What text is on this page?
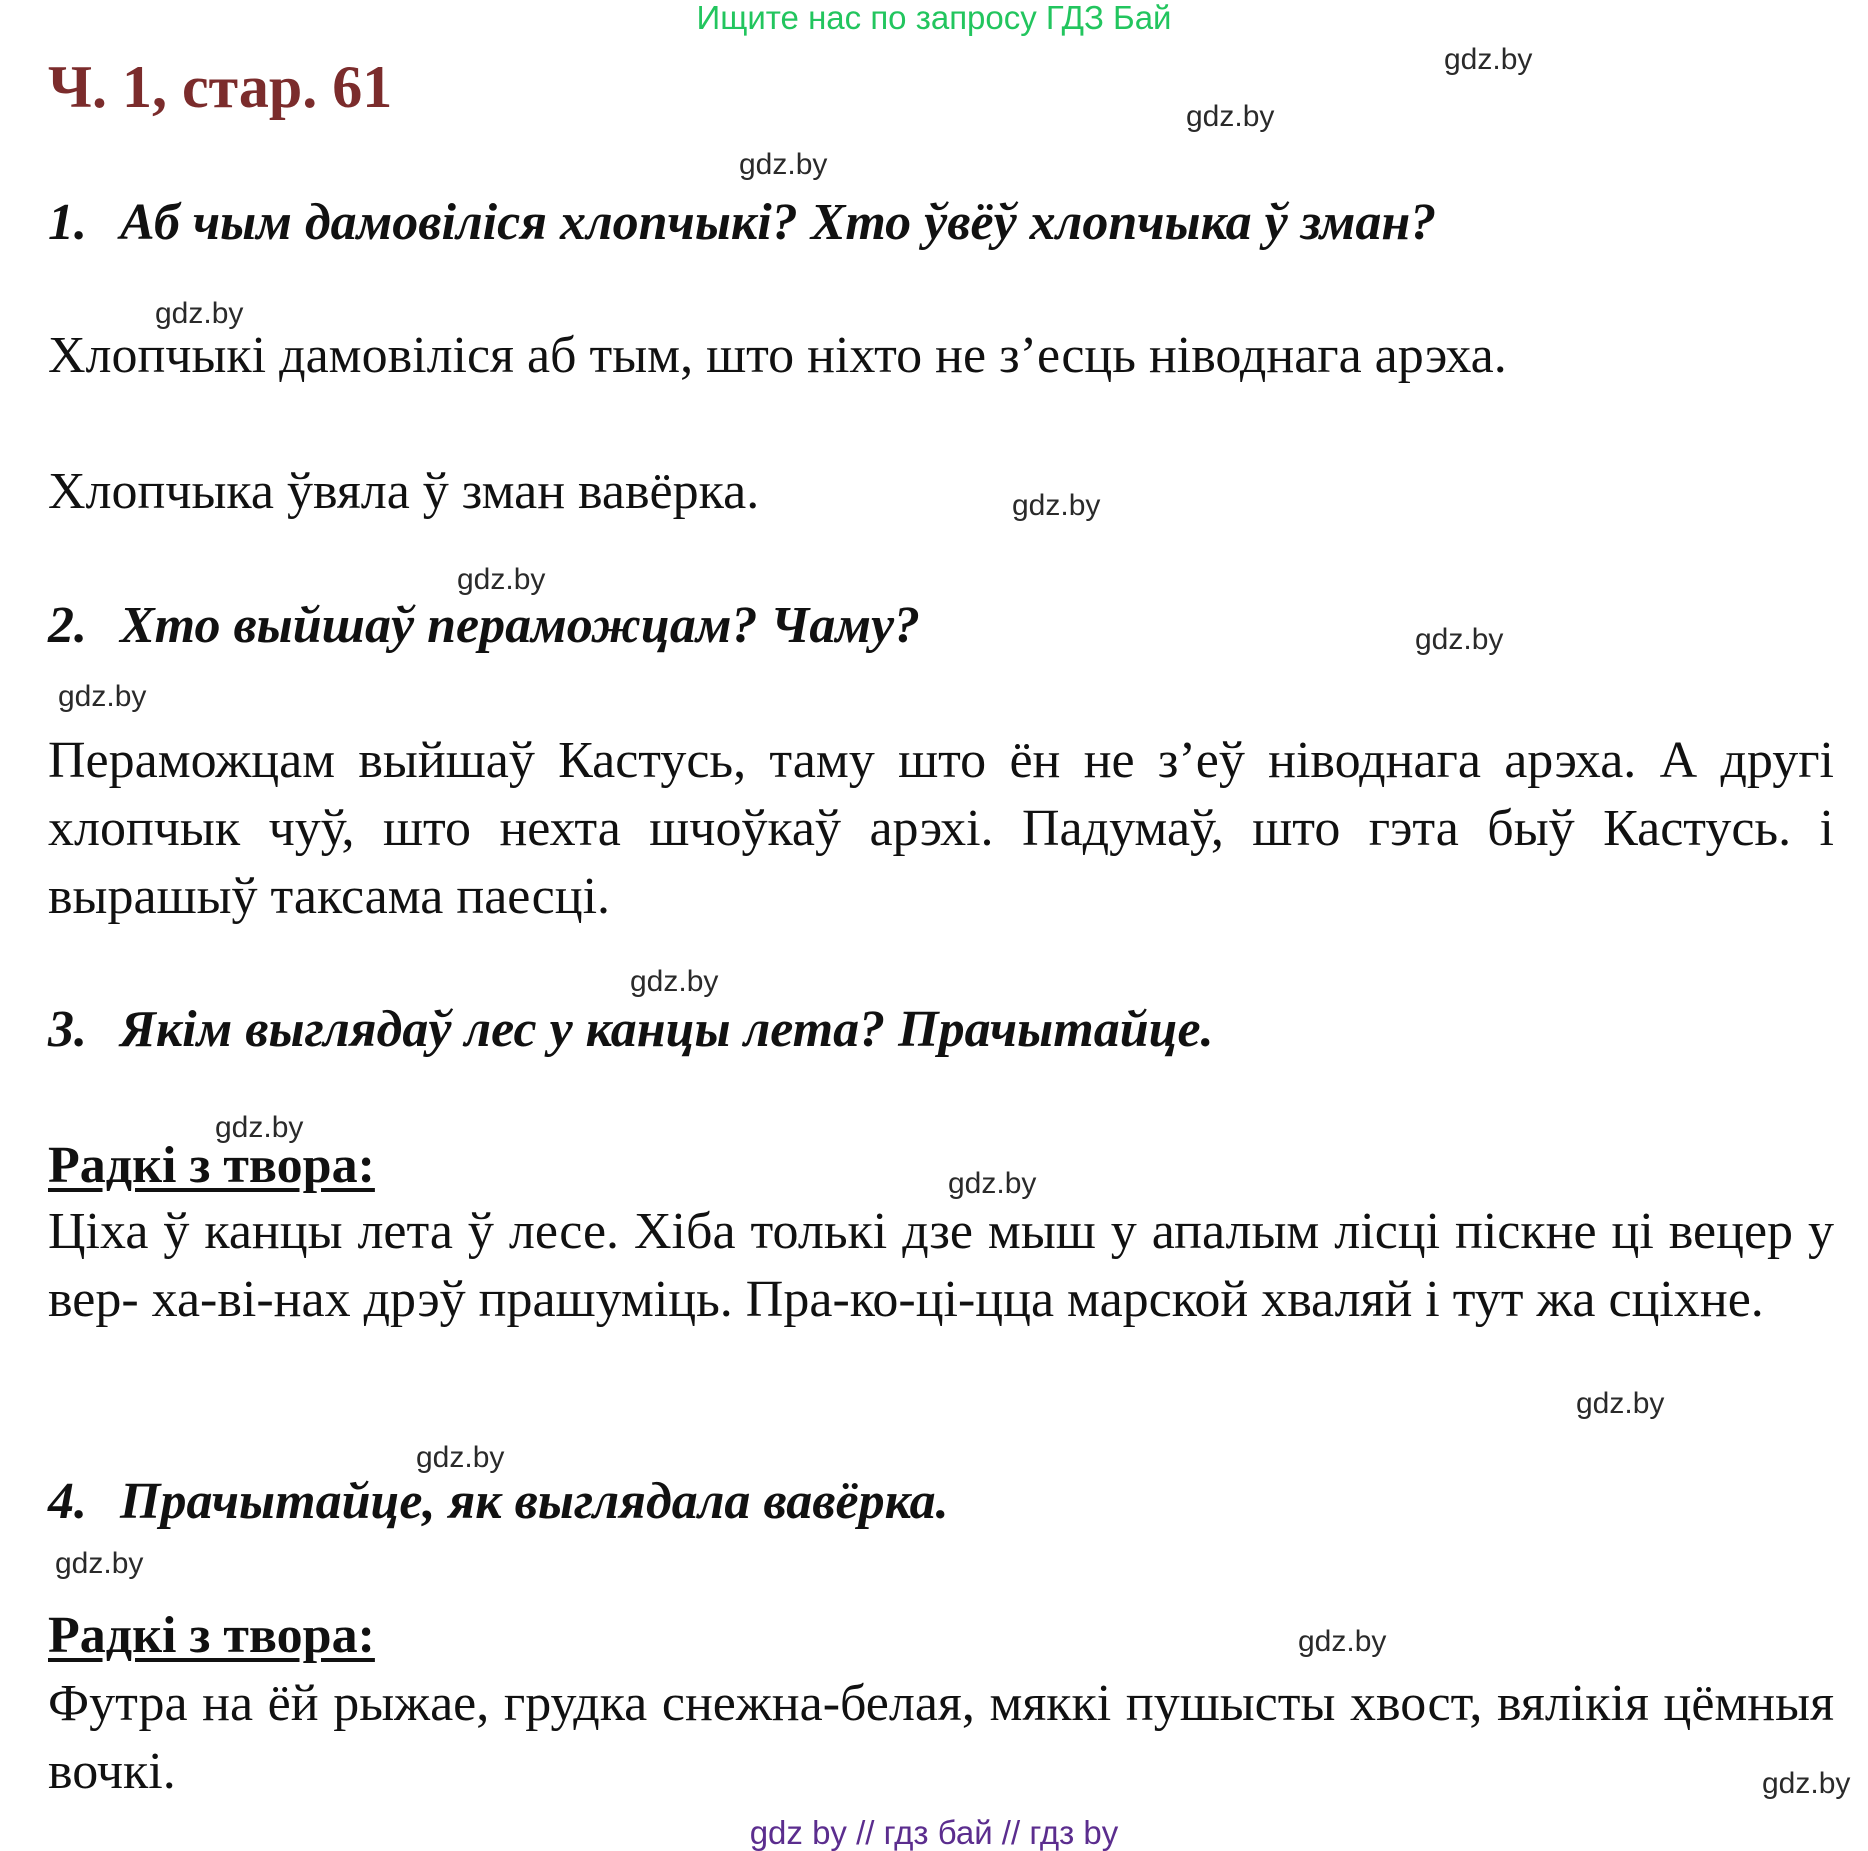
Ищите нас по запросу ГДЗ Бай
Ч. 1, стар. 61	gdz.by
gdz.by
gdz.by
gdz.by
gdz.by
gdz.by
gdz.by
gdz.by
gdz.by
gdz.by
gdz.by
gdz.by
gdz.by
gdz.by
gdz.by
gdz.by
1. Аб чым дамовіліся хлопчыкі? Хто ўвёў хлопчыка ў зман?

Хлопчыкі дамовіліся аб тым, што ніхто не з’есць ніводнага арэха.

Хлопчыка ўвяла ў зман вавёрка.

2. Хто выйшаў пераможцам? Чаму?

Пераможцам выйшаў Кастусь, таму што ён не з’еў ніводнага арэха. А другі хлопчык чуў, што нехта шчоўкаў арэхі. Падумаў, што гэта быў Кастусь. і вырашыў таксама паесці.

3. Якім выглядаў лес у канцы лета? Прачытайце.
Радкі з твора:

Ціха ў канцы лета ў лесе. Хіба толькі дзе мыш у апалым лісцi піскне ці вецер у вер- ха-ві-нах дрэў прашуміць. Пра-ко-ці-цца марской хваляй і тут жа сціхне.

4. Прачытайце, як выглядала вавёрка.
Радкі з твора:

Футра на ёй рыжае, грудка снежна-белая, мяккі пушысты хвост, вялікія цёмныя вочкі.

gdz by // гдз бай // гдз by
